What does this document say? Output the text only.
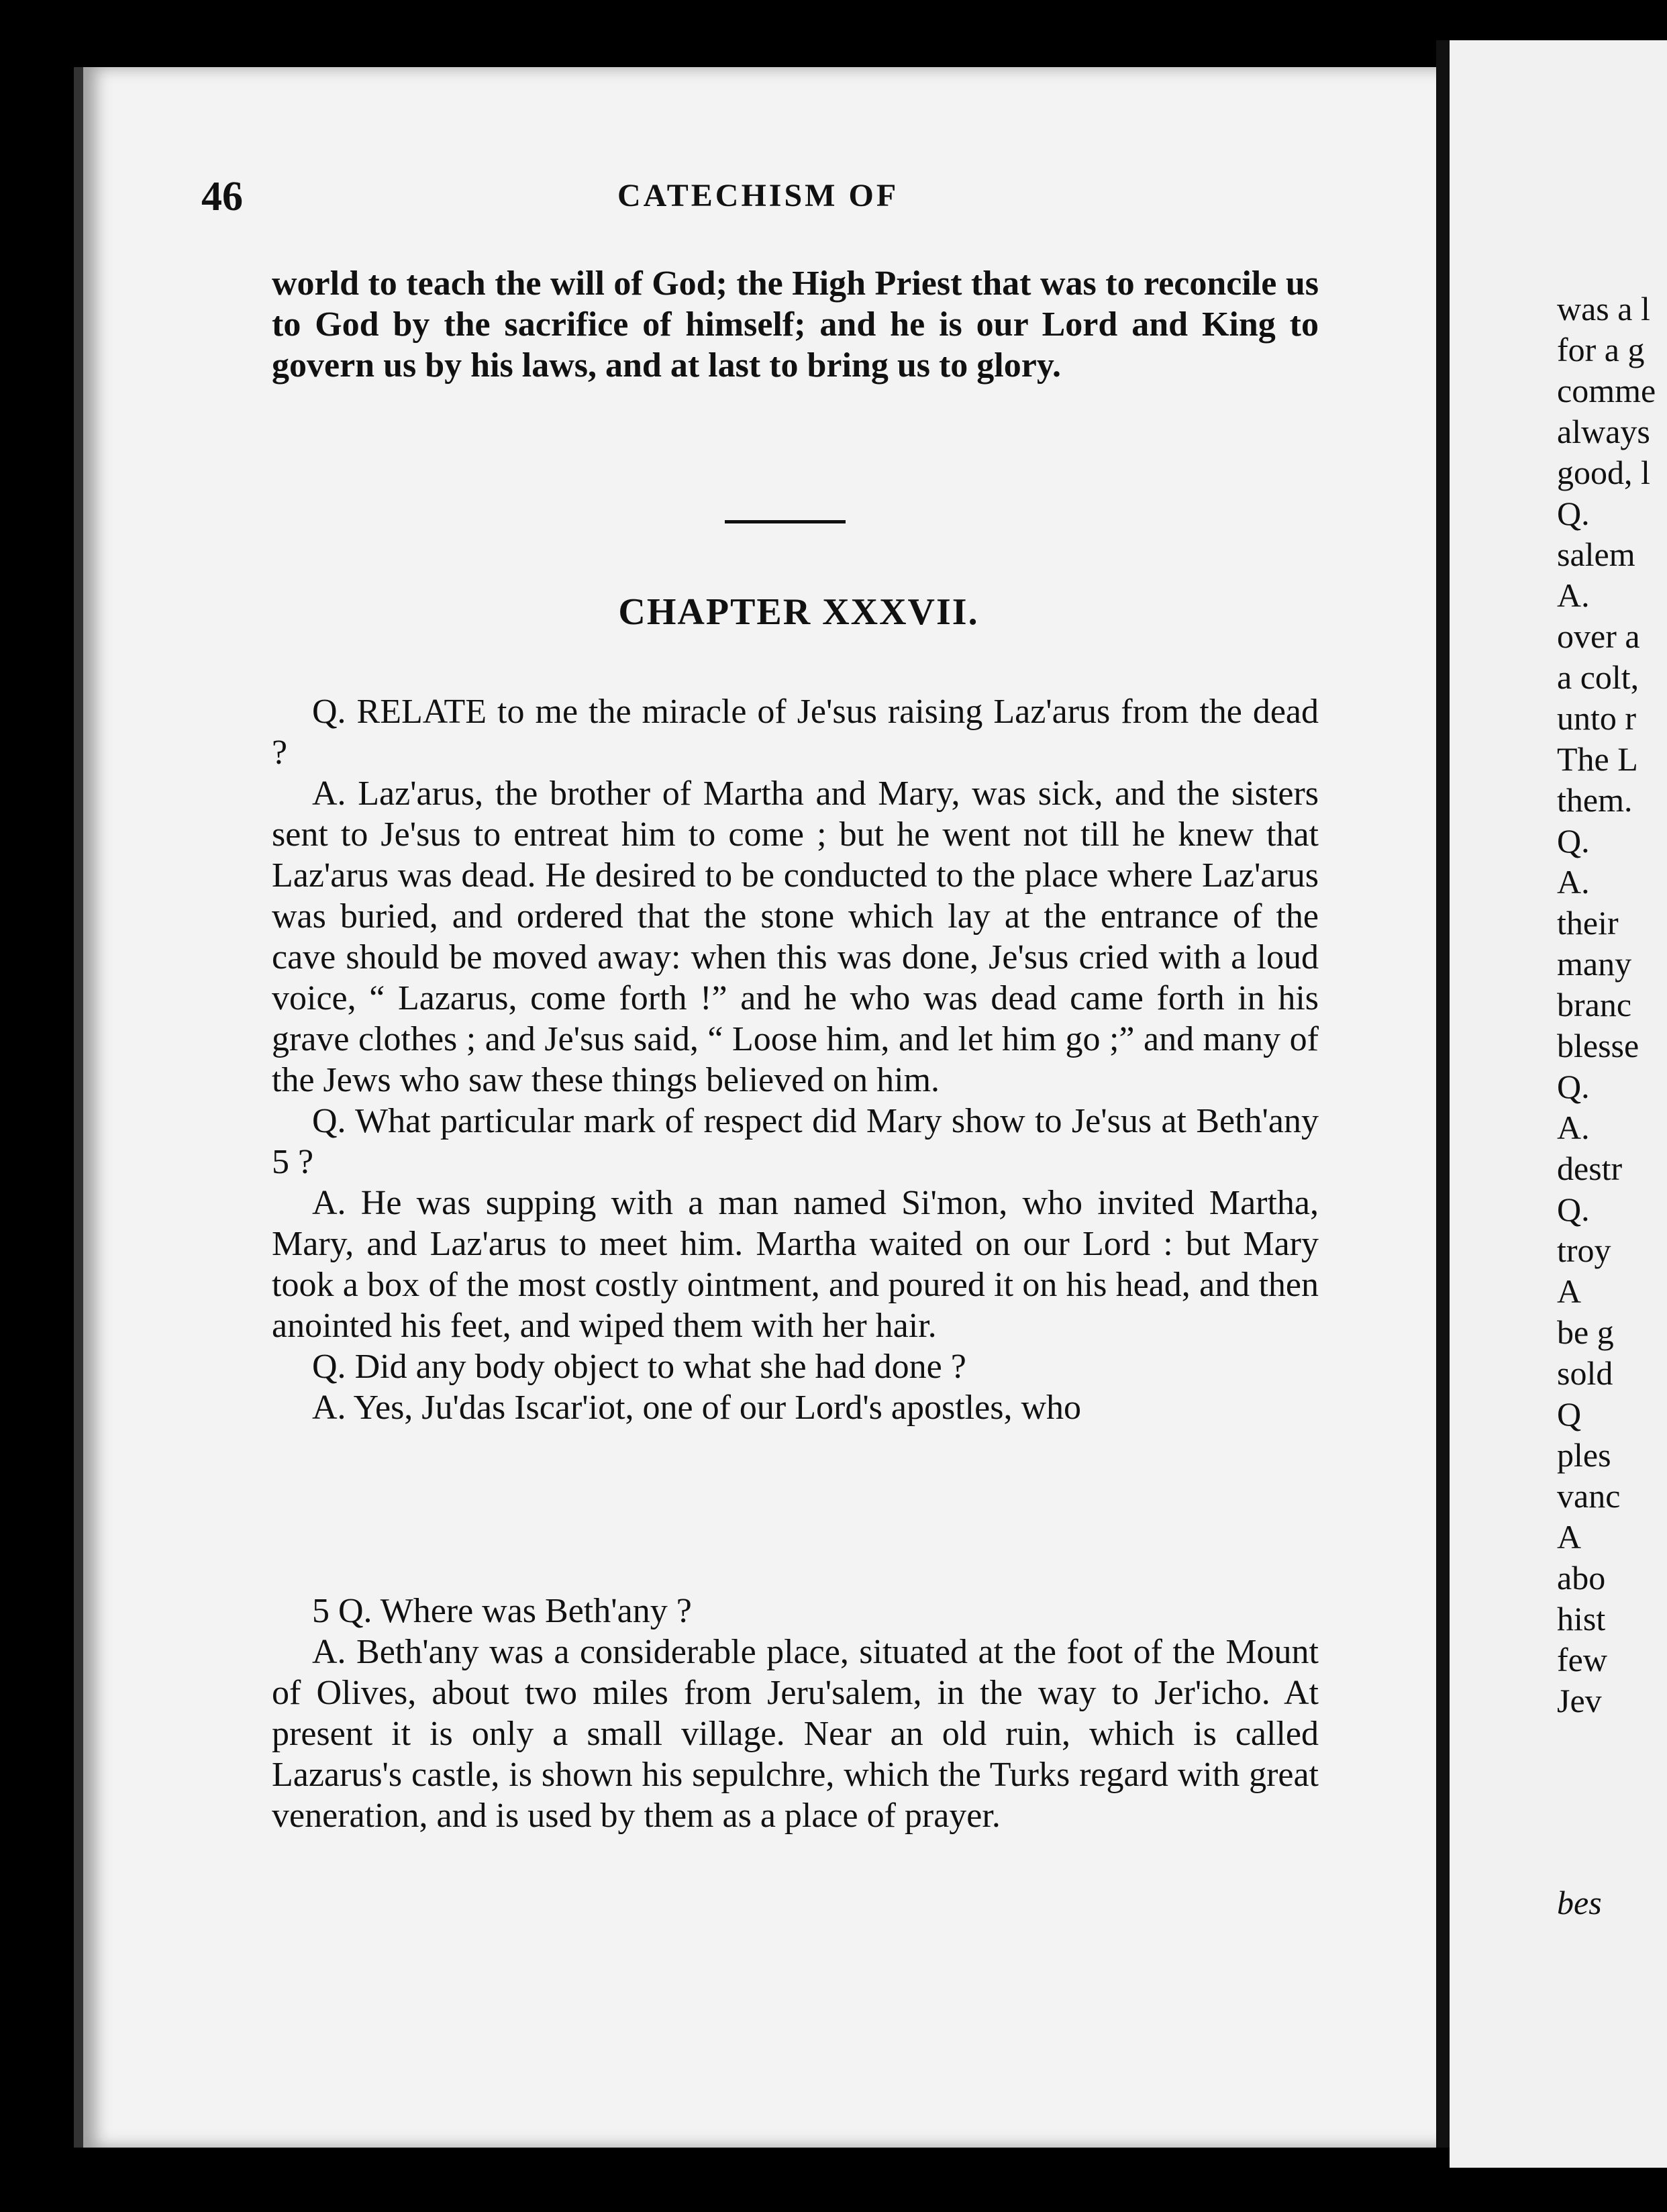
was a l
for a g
comme
always
good, l
Q.
salem
A.
over a
a colt,
unto r
The L
them.
Q.
A.
their
many
branc
blesse
Q.
A.
destr
Q.
troy
A
be g
sold
Q
ples
vanc
A
abo
hist
few
Jev
bes
46	CATECHISM OF

world to teach the will of God; the High Priest that was to reconcile us to God by the sacrifice of himself; and he is our Lord and King to govern us by his laws, and at last to bring us to glory.

CHAPTER XXXVII.

Q. RELATE to me the miracle of Je'sus raising Laz'arus from the dead ?

A. Laz'arus, the brother of Martha and Mary, was sick, and the sisters sent to Je'sus to entreat him to come ; but he went not till he knew that Laz'arus was dead. He desired to be conducted to the place where Laz'arus was buried, and ordered that the stone which lay at the entrance of the cave should be moved away: when this was done, Je'sus cried with a loud voice, “ Lazarus, come forth !” and he who was dead came forth in his grave clothes ; and Je'sus said, “ Loose him, and let him go ;” and many of the Jews who saw these things believed on him.

Q. What particular mark of respect did Mary show to Je'sus at Beth'any 5 ?

A. He was supping with a man named Si'mon, who invited Martha, Mary, and Laz'arus to meet him. Martha waited on our Lord : but Mary took a box of the most costly ointment, and poured it on his head, and then anointed his feet, and wiped them with her hair.

Q. Did any body object to what she had done ?

A. Yes, Ju'das Iscar'iot, one of our Lord's apostles, who

5 Q. Where was Beth'any ?

A. Beth'any was a considerable place, situated at the foot of the Mount of Olives, about two miles from Jeru'salem, in the way to Jer'icho. At present it is only a small village. Near an old ruin, which is called Lazarus's castle, is shown his sepulchre, which the Turks regard with great veneration, and is used by them as a place of prayer.
